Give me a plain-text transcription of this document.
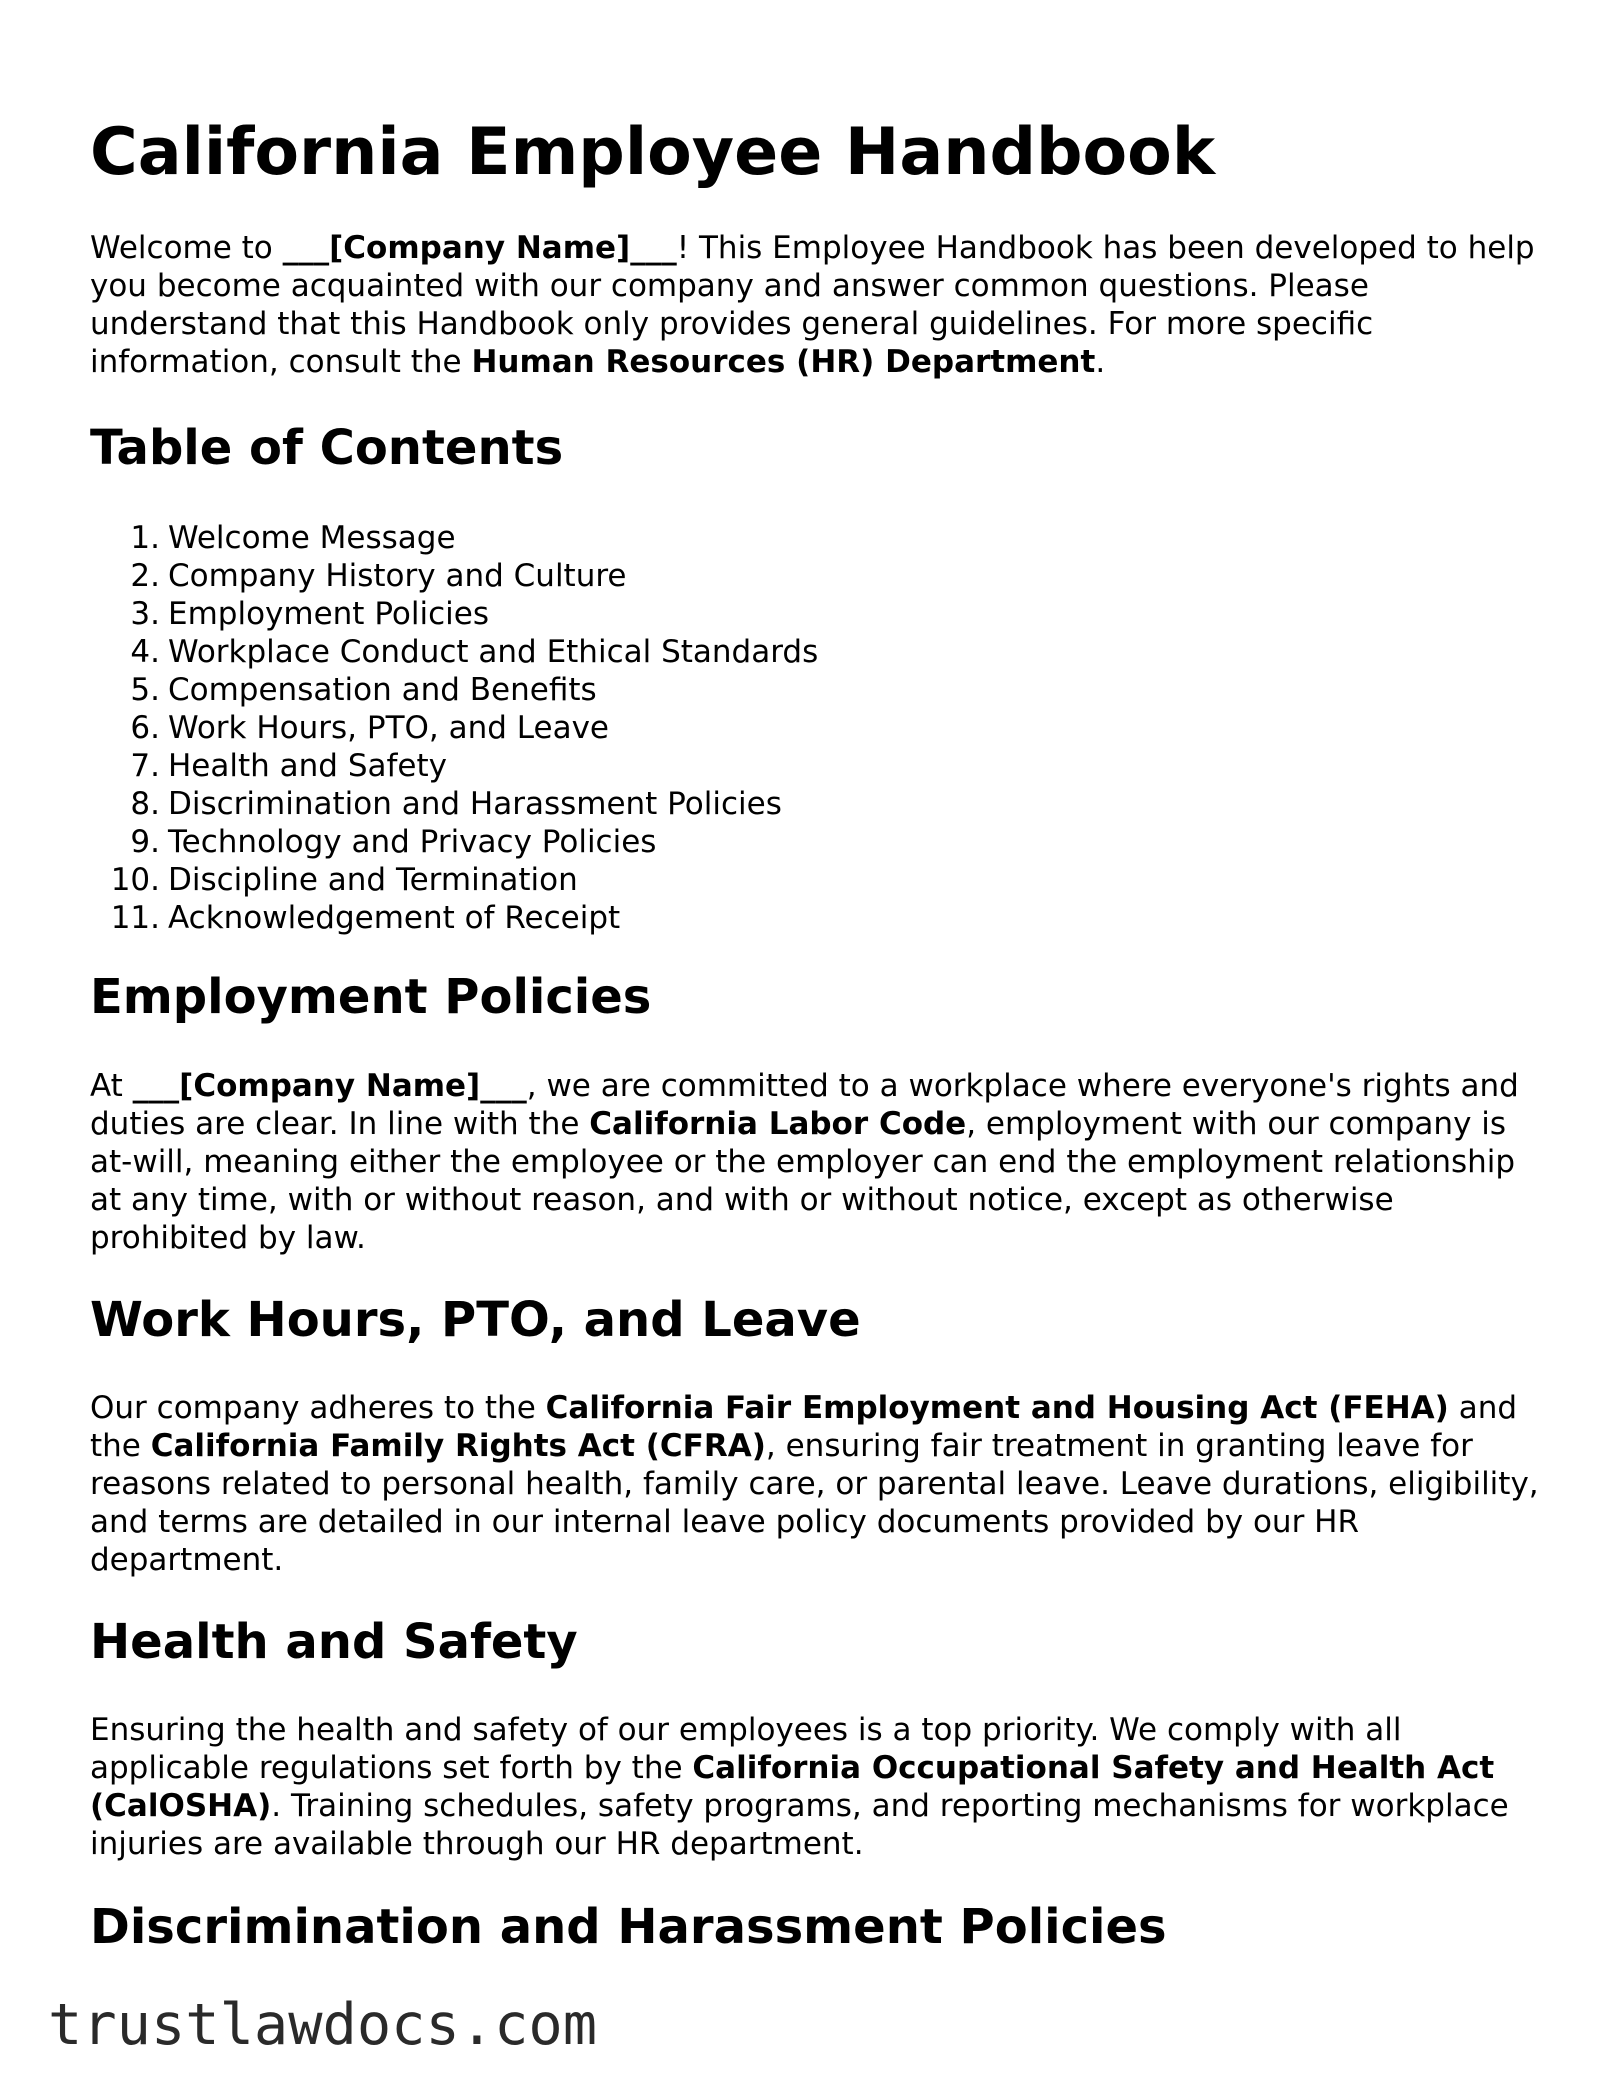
California Employee Handbook

Welcome to ___[Company Name]___! This Employee Handbook has been developed to help you become acquainted with our company and answer common questions. Please understand that this Handbook only provides general guidelines. For more specific information, consult the Human Resources (HR) Department.

Table of Contents
1. Welcome Message
2. Company History and Culture
3. Employment Policies
4. Workplace Conduct and Ethical Standards
5. Compensation and Benefits
6. Work Hours, PTO, and Leave
7. Health and Safety
8. Discrimination and Harassment Policies
9. Technology and Privacy Policies
10. Discipline and Termination
11. Acknowledgement of Receipt
Employment Policies

At ___[Company Name]___, we are committed to a workplace where everyone's rights and duties are clear. In line with the California Labor Code, employment with our company is at-will, meaning either the employee or the employer can end the employment relationship at any time, with or without reason, and with or without notice, except as otherwise prohibited by law.

Work Hours, PTO, and Leave

Our company adheres to the California Fair Employment and Housing Act (FEHA) and the California Family Rights Act (CFRA), ensuring fair treatment in granting leave for reasons related to personal health, family care, or parental leave. Leave durations, eligibility, and terms are detailed in our internal leave policy documents provided by our HR department.

Health and Safety

Ensuring the health and safety of our employees is a top priority. We comply with all applicable regulations set forth by the California Occupational Safety and Health Act (CalOSHA). Training schedules, safety programs, and reporting mechanisms for workplace injuries are available through our HR department.

Discrimination and Harassment Policies
trustlawdocs.com
